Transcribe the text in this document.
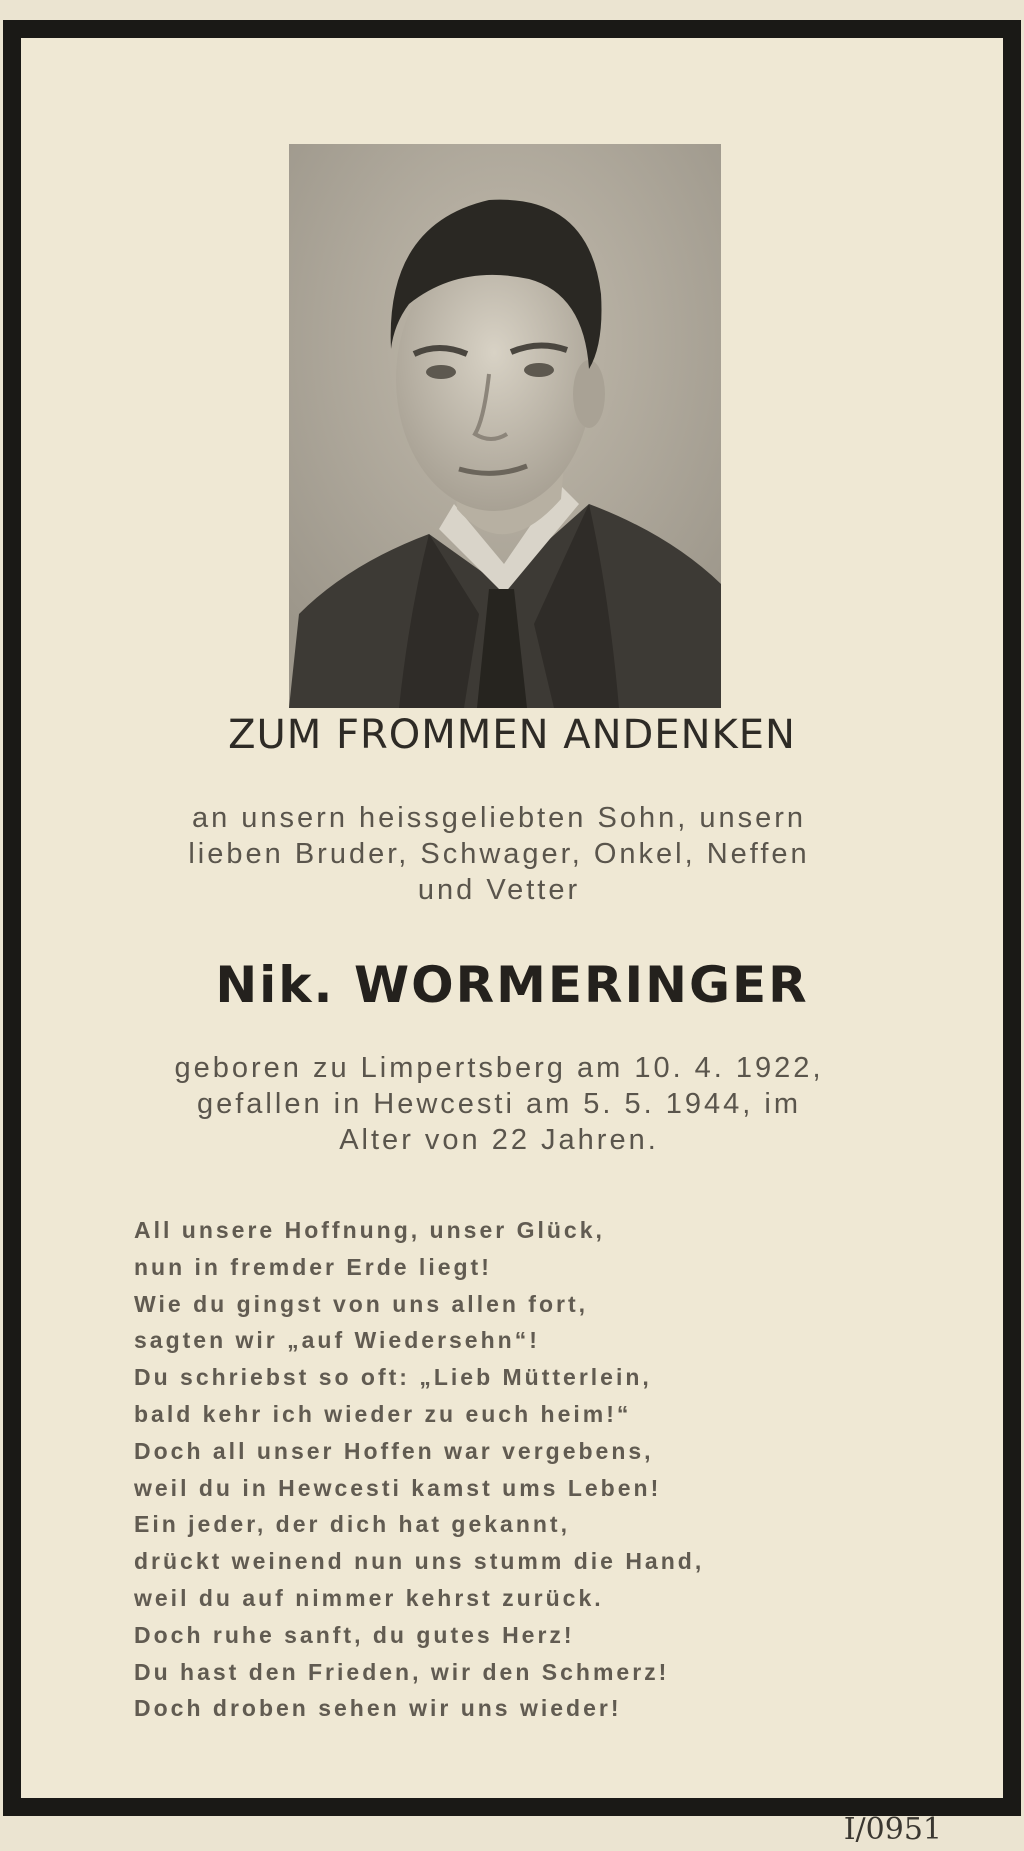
ZUM FROMMEN ANDENKEN
an unsern heissgeliebten Sohn, unsern
lieben Bruder, Schwager, Onkel, Neffen
und Vetter
Nik. WORMERINGER
geboren zu Limpertsberg am 10. 4. 1922,
gefallen in Hewcesti am 5. 5. 1944, im
Alter von 22 Jahren.
All unsere Hoffnung, unser Glück,
nun in fremder Erde liegt!
Wie du gingst von uns allen fort,
sagten wir „auf Wiedersehn“!
Du schriebst so oft: „Lieb Mütterlein,
bald kehr ich wieder zu euch heim!“
Doch all unser Hoffen war vergebens,
weil du in Hewcesti kamst ums Leben!
Ein jeder, der dich hat gekannt,
drückt weinend nun uns stumm die Hand,
weil du auf nimmer kehrst zurück.
Doch ruhe sanft, du gutes Herz!
Du hast den Frieden, wir den Schmerz!
Doch droben sehen wir uns wieder!
I/0951
